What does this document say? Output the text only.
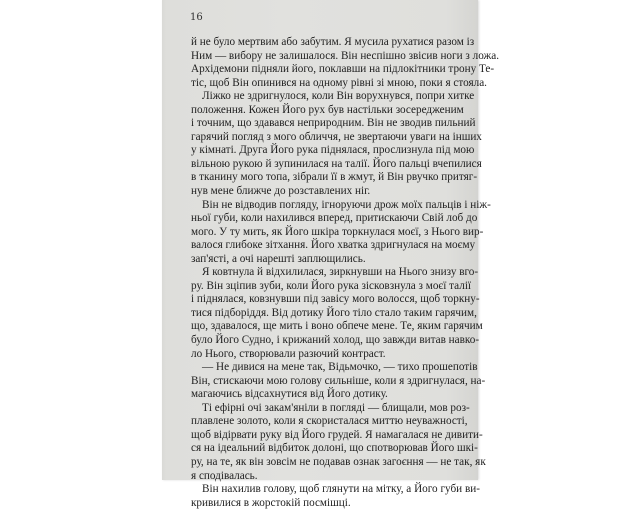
16
й не було мертвим або забутим. Я мусила рухатися разом із
Ним — вибору не залишалося. Він неспішно звісив ноги з ложа.
Архідемони підняли його, поклавши на підлокітники трону Те-
тіс, щоб Він опинився на одному рівні зі мною, поки я стояла.
Ліжко не здригнулося, коли Він ворухнувся, попри хитке
положення. Кожен Його рух був настільки зосередженим
і точним, що здавався неприродним. Він не зводив пильний
гарячий погляд з мого обличчя, не звертаючи уваги на інших
у кімнаті. Друга Його рука піднялася, прослизнула під мою
вільною рукою й зупинилася на талії. Його пальці вчепилися
в тканину мого топа, зібрали її в жмут, й Він рвучко притяг-
нув мене ближче до розставлених ніг.
Він не відводив погляду, ігноруючи дрож моїх пальців і ніж-
ньої губи, коли нахилився вперед, притискаючи Свій лоб до
мого. У ту мить, як Його шкіра торкнулася моєї, з Нього вир-
валося глибоке зітхання. Його хватка здригнулася на моєму
зап'ясті, а очі нарешті заплющились.
Я ковтнула й відхилилася, зиркнувши на Нього знизу вго-
ру. Він зціпив зуби, коли Його рука зісковзнула з моєї талії
і піднялася, ковзнувши під завісу мого волосся, щоб торкну-
тися підборіддя. Від дотику Його тіло стало таким гарячим,
що, здавалося, ще мить і воно обпече мене. Те, яким гарячим
було Його Судно, і крижаний холод, що завжди витав навко-
ло Нього, створювали разючий контраст.
— Не дивися на мене так, Відьмочко, — тихо прошепотів
Він, стискаючи мою голову сильніше, коли я здригнулася, на-
магаючись відсахнутися від Його дотику.
Ті ефірні очі закам'яніли в погляді — блищали, мов роз-
плавлене золото, коли я скористалася миттю неуважності,
щоб відірвати руку від Його грудей. Я намагалася не дивити-
ся на ідеальний відбиток долоні, що спотворював Його шкі-
ру, на те, як він зовсім не подавав ознак загоєння — не так, як
я сподівалась.
Він нахилив голову, щоб глянути на мітку, а Його губи ви-
кривилися в жорстокій посмішці.
